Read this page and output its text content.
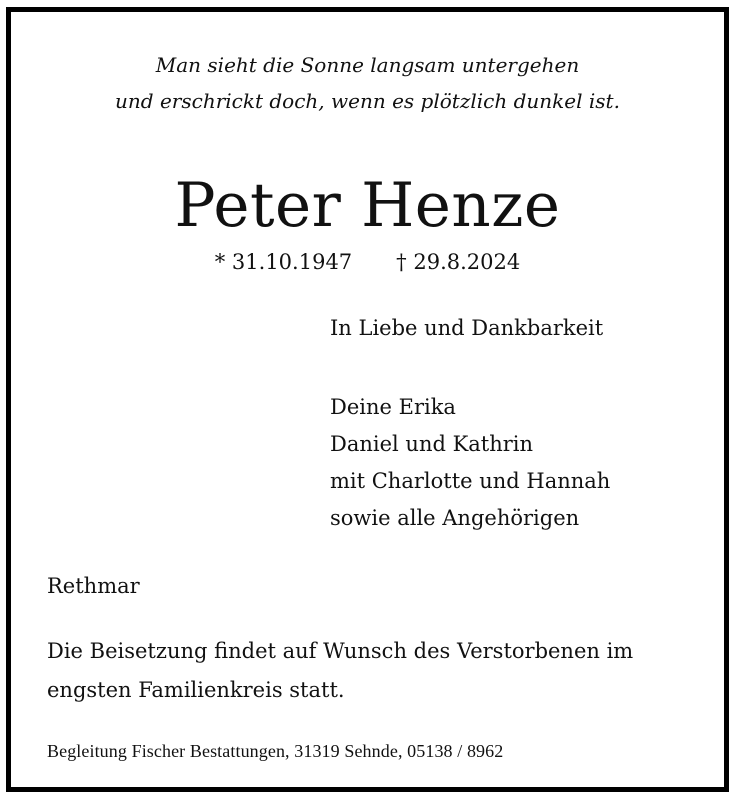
Man sieht die Sonne langsam untergehen
und erschrickt doch, wenn es plötzlich dunkel ist.
Peter Henze
* 31.10.1947 † 29.8.2024
In Liebe und Dankbarkeit
Deine Erika
Daniel und Kathrin
mit Charlotte und Hannah
sowie alle Angehörigen
Rethmar
Die Beisetzung findet auf Wunsch des Verstorbenen im
engsten Familienkreis statt.
Begleitung Fischer Bestattungen, 31319 Sehnde, 05138 / 8962
